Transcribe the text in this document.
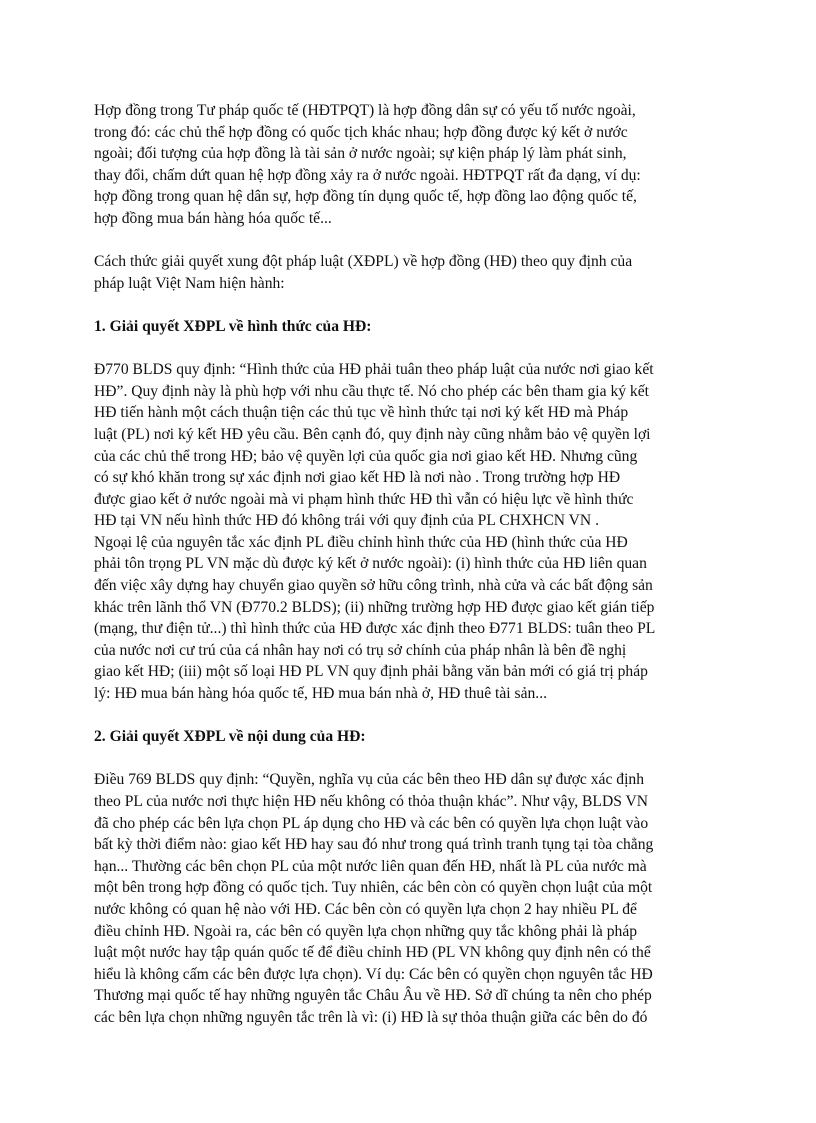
Hợp đồng trong Tư pháp quốc tế (HĐTPQT) là hợp đồng dân sự có yếu tố nước ngoài,
trong đó: các chủ thể hợp đồng có quốc tịch khác nhau; hợp đồng được ký kết ở nước
ngoài; đối tượng của hợp đồng là tài sản ở nước ngoài; sự kiện pháp lý làm phát sinh,
thay đổi, chấm dứt quan hệ hợp đồng xảy ra ở nước ngoài. HĐTPQT rất đa dạng, ví dụ:
hợp đồng trong quan hệ dân sự, hợp đồng tín dụng quốc tế, hợp đồng lao động quốc tế,
hợp đồng mua bán hàng hóa quốc tế...
Cách thức giải quyết xung đột pháp luật (XĐPL) về hợp đồng (HĐ) theo quy định của
pháp luật Việt Nam hiện hành:
1. Giải quyết XĐPL về hình thức của HĐ:
Đ770 BLDS quy định: “Hình thức của HĐ phải tuân theo pháp luật của nước nơi giao kết
HĐ”. Quy định này là phù hợp với nhu cầu thực tế. Nó cho phép các bên tham gia ký kết
HĐ tiến hành một cách thuận tiện các thủ tục về hình thức tại nơi ký kết HĐ mà Pháp
luật (PL) nơi ký kết HĐ yêu cầu. Bên cạnh đó, quy định này cũng nhằm bảo vệ quyền lợi
của các chủ thể trong HĐ; bảo vệ quyền lợi của quốc gia nơi giao kết HĐ. Nhưng cũng
có sự khó khăn trong sự xác định nơi giao kết HĐ là nơi nào . Trong trường hợp HĐ
được giao kết ở nước ngoài mà vi phạm hình thức HĐ thì vẫn có hiệu lực về hình thức
HĐ tại VN nếu hình thức HĐ đó không trái với quy định của PL CHXHCN VN .
Ngoại lệ của nguyên tắc xác định PL điều chỉnh hình thức của HĐ (hình thức của HĐ
phải tôn trọng PL VN mặc dù được ký kết ở nước ngoài): (i) hình thức của HĐ liên quan
đến việc xây dựng hay chuyển giao quyền sở hữu công trình, nhà cửa và các bất động sản
khác trên lãnh thổ VN (Đ770.2 BLDS); (ii) những trường hợp HĐ được giao kết gián tiếp
(mạng, thư điện tử...) thì hình thức của HĐ được xác định theo Đ771 BLDS: tuân theo PL
của nước nơi cư trú của cá nhân hay nơi có trụ sở chính của pháp nhân là bên đề nghị
giao kết HĐ; (iii) một số loại HĐ PL VN quy định phải bằng văn bản mới có giá trị pháp
lý: HĐ mua bán hàng hóa quốc tế, HĐ mua bán nhà ở, HĐ thuê tài sản...
2. Giải quyết XĐPL về nội dung của HĐ:
Điều 769 BLDS quy định: “Quyền, nghĩa vụ của các bên theo HĐ dân sự được xác định
theo PL của nước nơi thực hiện HĐ nếu không có thỏa thuận khác”. Như vậy, BLDS VN
đã cho phép các bên lựa chọn PL áp dụng cho HĐ và các bên có quyền lựa chọn luật vào
bất kỳ thời điểm nào: giao kết HĐ hay sau đó như trong quá trình tranh tụng tại tòa chẳng
hạn... Thường các bên chọn PL của một nước liên quan đến HĐ, nhất là PL của nước mà
một bên trong hợp đồng có quốc tịch. Tuy nhiên, các bên còn có quyền chọn luật của một
nước không có quan hệ nào với HĐ. Các bên còn có quyền lựa chọn 2 hay nhiều PL để
điều chỉnh HĐ. Ngoài ra, các bên có quyền lựa chọn những quy tắc không phải là pháp
luật một nước hay tập quán quốc tế để điều chỉnh HĐ (PL VN không quy định nên có thể
hiểu là không cấm các bên được lựa chọn). Ví dụ: Các bên có quyền chọn nguyên tắc HĐ
Thương mại quốc tế hay những nguyên tắc Châu Âu về HĐ. Sở dĩ chúng ta nên cho phép
các bên lựa chọn những nguyên tắc trên là vì: (i) HĐ là sự thỏa thuận giữa các bên do đó
